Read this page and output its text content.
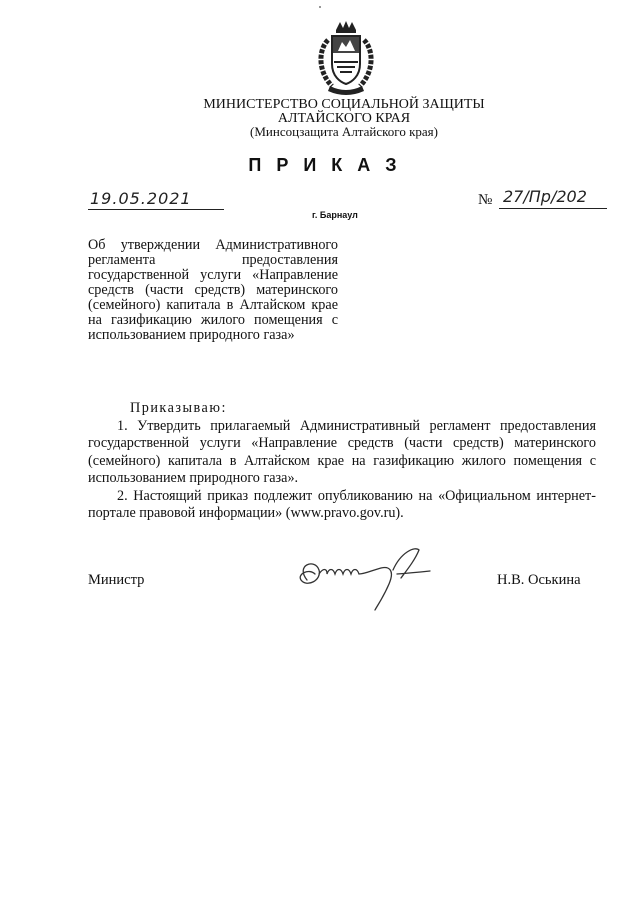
МИНИСТЕРСТВО СОЦИАЛЬНОЙ ЗАЩИТЫ
АЛТАЙСКОГО КРАЯ
(Минсоцзащита Алтайского края)
ПРИКАЗ
19.05.2021
г. Барнаул
№ 27/Пр/202
Об утверждении Административного регламента предоставления государственной услуги «Направление средств (части средств) материнского (семейного) капитала в Алтайском крае на газификацию жилого помещения с использованием природного газа»
Приказываю:

1. Утвердить прилагаемый Административный регламент предоставления государственной услуги «Направление средств (части средств) материнского (семейного) капитала в Алтайском крае на газификацию жилого помещения с использованием природного газа».

2. Настоящий приказ подлежит опубликованию на «Официальном интернет-портале правовой информации» (www.pravo.gov.ru).

Министр	Н.В. Оськина
